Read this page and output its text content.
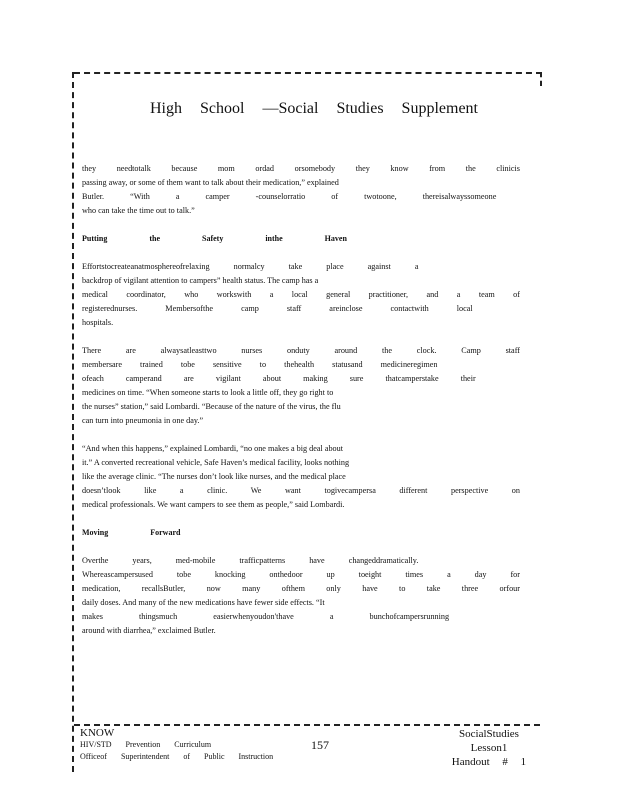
High School —Social Studies Supplement

they needtotalk because mom ordad orsomebody they know from the clinicis
passing away, or some of them want to talk about their medication,” explained
Butler. “With a camper -counselorratio of twotoone, thereisalwayssomeone
who can take the time out to talk.”

Putting the Safety inthe Haven

Effortstocreateanatmosphereofrelaxing normalcy take place against a
backdrop of vigilant attention to campers” health status. The camp has a
medical coordinator, who workswith a local general practitioner, and a team of
registerednurses. Membersofthe camp staff areinclose contactwith local
hospitals.

There are alwaysatleasttwo nurses onduty around the clock. Camp staff
membersare trained tobe sensitive to thehealth statusand medicineregimen
ofeach camperand are vigilant about making sure thatcamperstake their
medicines on time. “When someone starts to look a little off, they go right to
the nurses” station,” said Lombardi. “Because of the nature of the virus, the flu
can turn into pneumonia in one day.”

“And when this happens,” explained Lombardi, “no one makes a big deal about
it.” A converted recreational vehicle, Safe Haven’s medical facility, looks nothing
like the average clinic. “The nurses don’t look like nurses, and the medical place
doesn’tlook like a clinic. We want togivecampersa different perspective on
medical professionals. We want campers to see them as people,” said Lombardi.

Moving Forward

Overthe years, med-mobile trafficpatterns have changeddramatically.
Whereascampersused tobe knocking onthedoor up toeight times a day for
medication, recallsButler, now many ofthem only have to take three orfour
daily doses. And many of the new medications have fewer side effects. “It
makes thingsmuch easierwhenyoudon'thave a bunchofcampersrunning
around with diarrhea,” exclaimed Butler.

KNOW
HIV/STD Prevention Curriculum
Officeof Superintendent of Public Instruction
157
SocialStudies
Lesson1
Handout # 1
